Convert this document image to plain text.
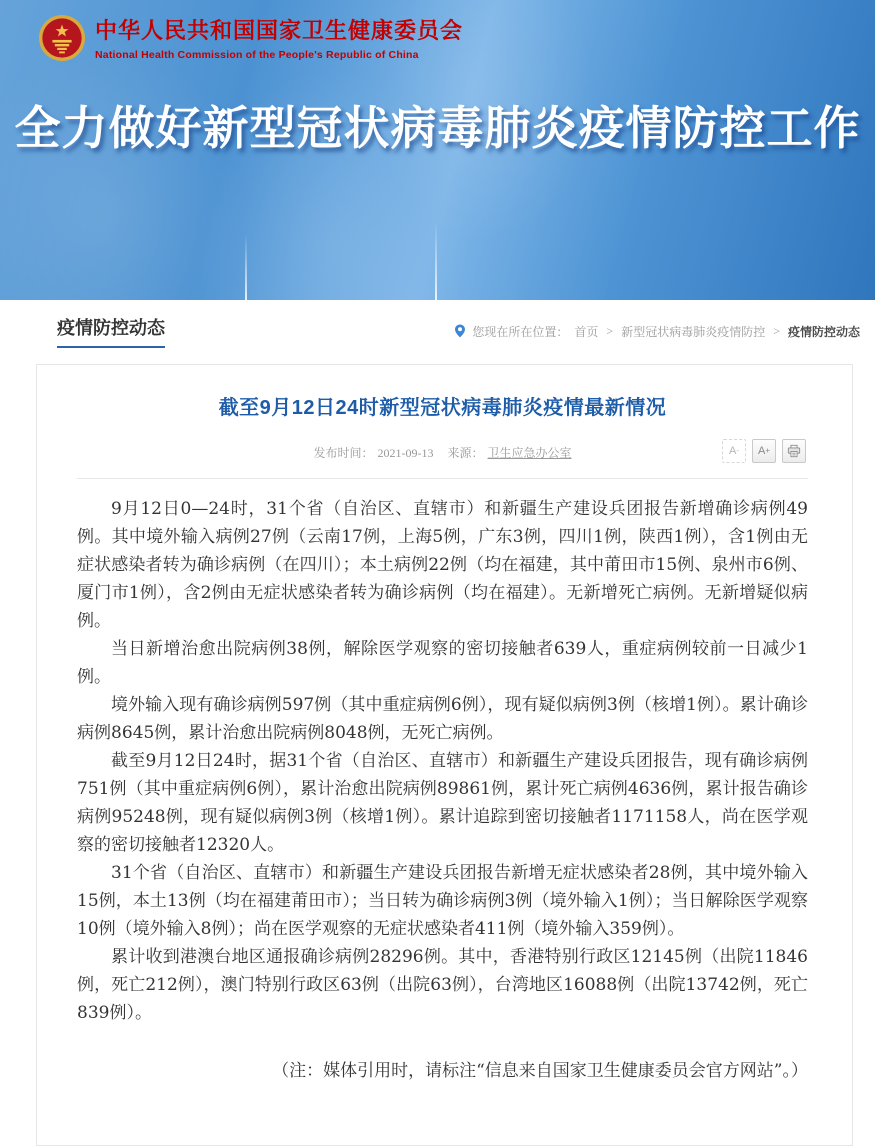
中华人民共和国国家卫生健康委员会
National Health Commission of the People's Republic of China
全力做好新型冠状病毒肺炎疫情防控工作
疫情防控动态	您现在所在位置： 首页 > 新型冠状病毒肺炎疫情防控 > 疫情防控动态
截至9月12日24时新型冠状病毒肺炎疫情最新情况
发布时间： 2021-09-13 来源： 卫生应急办公室	A - A +

9月12日0—24时，31个省（自治区、直辖市）和新疆生产建设兵团报告新增确诊病例49例。其中境外输入病例27例（云南17例，上海5例，广东3例，四川1例，陕西1例），含1例由无症状感染者转为确诊病例（在四川）；本土病例22例（均在福建，其中莆田市15例、泉州市6例、厦门市1例），含2例由无症状感染者转为确诊病例（均在福建）。无新增死亡病例。无新增疑似病例。

当日新增治愈出院病例38例，解除医学观察的密切接触者639人，重症病例较前一日减少1例。

境外输入现有确诊病例597例（其中重症病例6例），现有疑似病例3例（核增1例）。累计确诊病例8645例，累计治愈出院病例8048例，无死亡病例。

截至9月12日24时，据31个省（自治区、直辖市）和新疆生产建设兵团报告，现有确诊病例751例（其中重症病例6例），累计治愈出院病例89861例，累计死亡病例4636例，累计报告确诊病例95248例，现有疑似病例3例（核增1例）。累计追踪到密切接触者1171158人，尚在医学观察的密切接触者12320人。

31个省（自治区、直辖市）和新疆生产建设兵团报告新增无症状感染者28例，其中境外输入15例，本土13例（均在福建莆田市）；当日转为确诊病例3例（境外输入1例）；当日解除医学观察10例（境外输入8例）；尚在医学观察的无症状感染者411例（境外输入359例）。

累计收到港澳台地区通报确诊病例28296例。其中，香港特别行政区12145例（出院11846例，死亡212例），澳门特别行政区63例（出院63例），台湾地区16088例（出院13742例，死亡839例）。

（注：媒体引用时，请标注“信息来自国家卫生健康委员会官方网站”。）
